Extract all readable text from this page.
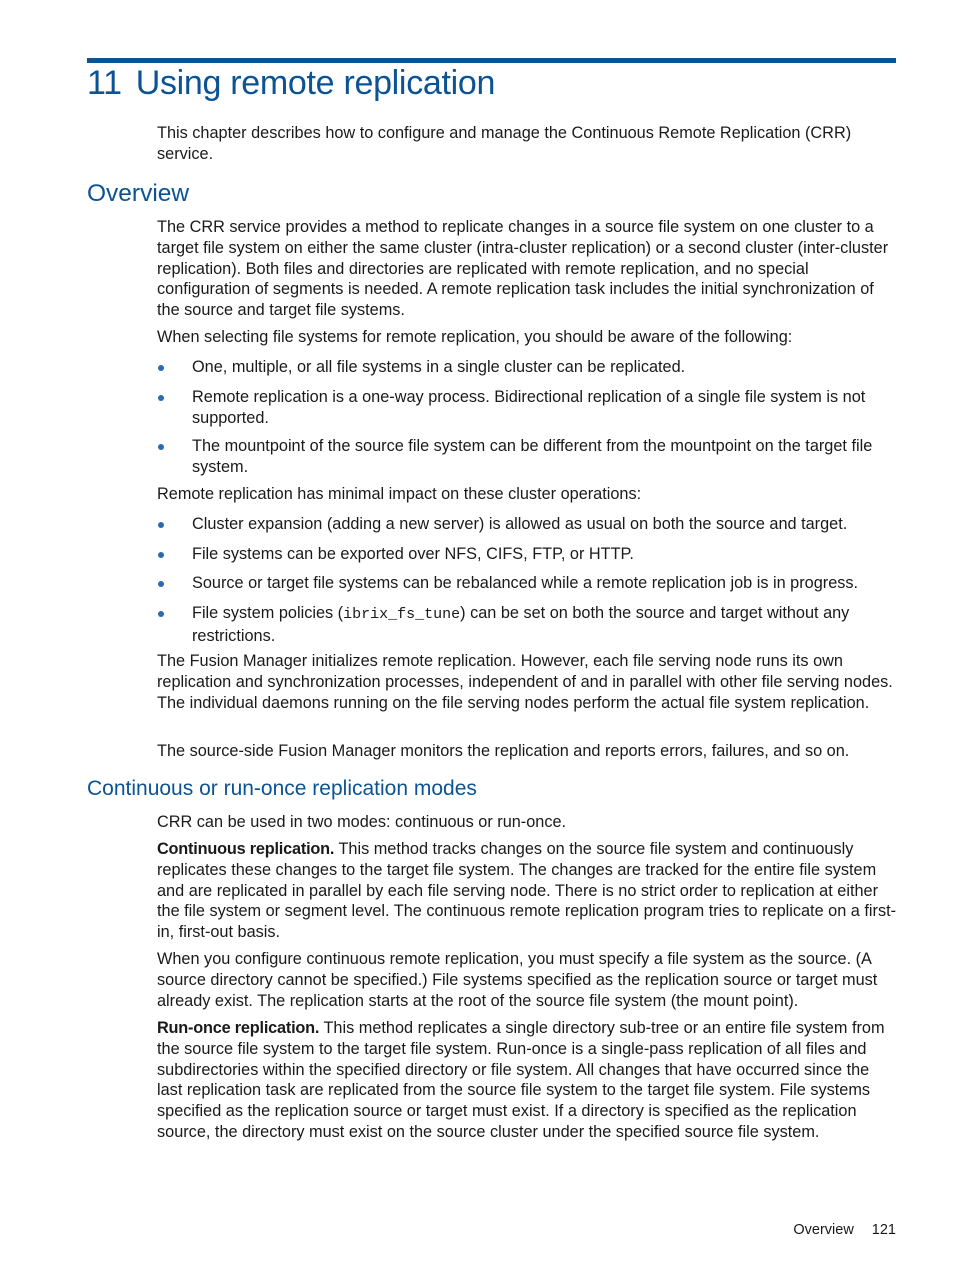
11 Using remote replication

This chapter describes how to configure and manage the Continuous Remote Replication (CRR) service.

Overview

The CRR service provides a method to replicate changes in a source file system on one cluster to a target file system on either the same cluster (intra-cluster replication) or a second cluster (inter-cluster replication). Both files and directories are replicated with remote replication, and no special configuration of segments is needed. A remote replication task includes the initial synchronization of the source and target file systems.

When selecting file systems for remote replication, you should be aware of the following:

One, multiple, or all file systems in a single cluster can be replicated.

Remote replication is a one-way process. Bidirectional replication of a single file system is not supported.

The mountpoint of the source file system can be different from the mountpoint on the target file system.

Remote replication has minimal impact on these cluster operations:

Cluster expansion (adding a new server) is allowed as usual on both the source and target.

File systems can be exported over NFS, CIFS, FTP, or HTTP.

Source or target file systems can be rebalanced while a remote replication job is in progress.

File system policies (ibrix_fs_tune) can be set on both the source and target without any restrictions.

The Fusion Manager initializes remote replication. However, each file serving node runs its own replication and synchronization processes, independent of and in parallel with other file serving nodes. The individual daemons running on the file serving nodes perform the actual file system replication.

The source-side Fusion Manager monitors the replication and reports errors, failures, and so on.

Continuous or run-once replication modes

CRR can be used in two modes: continuous or run-once.

Continuous replication. This method tracks changes on the source file system and continuously replicates these changes to the target file system. The changes are tracked for the entire file system and are replicated in parallel by each file serving node. There is no strict order to replication at either the file system or segment level. The continuous remote replication program tries to replicate on a first-in, first-out basis.

When you configure continuous remote replication, you must specify a file system as the source. (A source directory cannot be specified.) File systems specified as the replication source or target must already exist. The replication starts at the root of the source file system (the mount point).

Run-once replication. This method replicates a single directory sub-tree or an entire file system from the source file system to the target file system. Run-once is a single-pass replication of all files and subdirectories within the specified directory or file system. All changes that have occurred since the last replication task are replicated from the source file system to the target file system. File systems specified as the replication source or target must exist. If a directory is specified as the replication source, the directory must exist on the source cluster under the specified source file system.

Overview 121
